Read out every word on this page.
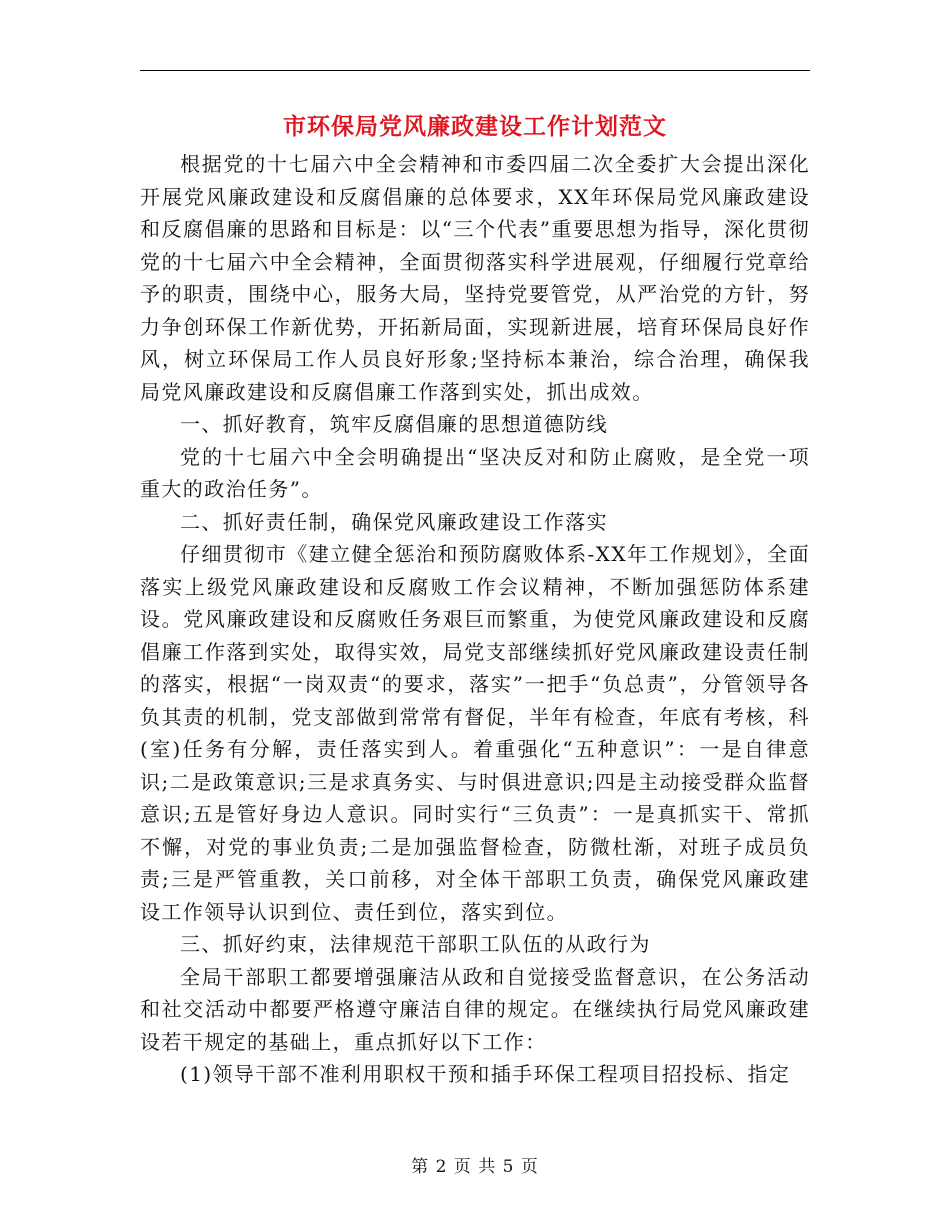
市环保局党风廉政建设工作计划范文

根据党的十七届六中全会精神和市委四届二次全委扩大会提出深化开展党风廉政建设和反腐倡廉的总体要求，XX年环保局党风廉政建设和反腐倡廉的思路和目标是：以“三个代表”重要思想为指导，深化贯彻党的十七届六中全会精神，全面贯彻落实科学进展观，仔细履行党章给予的职责，围绕中心，服务大局，坚持党要管党，从严治党的方针，努力争创环保工作新优势，开拓新局面，实现新进展，培育环保局良好作风，树立环保局工作人员良好形象;坚持标本兼治，综合治理，确保我局党风廉政建设和反腐倡廉工作落到实处，抓出成效。

一、抓好教育，筑牢反腐倡廉的思想道德防线

党的十七届六中全会明确提出“坚决反对和防止腐败，是全党一项重大的政治任务”。

二、抓好责任制，确保党风廉政建设工作落实

仔细贯彻市《建立健全惩治和预防腐败体系-XX年工作规划》，全面落实上级党风廉政建设和反腐败工作会议精神，不断加强惩防体系建设。党风廉政建设和反腐败任务艰巨而繁重，为使党风廉政建设和反腐倡廉工作落到实处，取得实效，局党支部继续抓好党风廉政建设责任制的落实，根据“一岗双责“的要求，落实”一把手“负总责”，分管领导各负其责的机制，党支部做到常常有督促，半年有检查，年底有考核，科(室)任务有分解，责任落实到人。着重强化“五种意识”：一是自律意识;二是政策意识;三是求真务实、与时俱进意识;四是主动接受群众监督意识;五是管好身边人意识。同时实行“三负责”：一是真抓实干、常抓不懈，对党的事业负责;二是加强监督检查，防微杜渐，对班子成员负责;三是严管重教，关口前移，对全体干部职工负责，确保党风廉政建设工作领导认识到位、责任到位，落实到位。

三、抓好约束，法律规范干部职工队伍的从政行为

全局干部职工都要增强廉洁从政和自觉接受监督意识，在公务活动和社交活动中都要严格遵守廉洁自律的规定。在继续执行局党风廉政建设若干规定的基础上，重点抓好以下工作：

(1)领导干部不准利用职权干预和插手环保工程项目招投标、指定

第 2 页 共 5 页
